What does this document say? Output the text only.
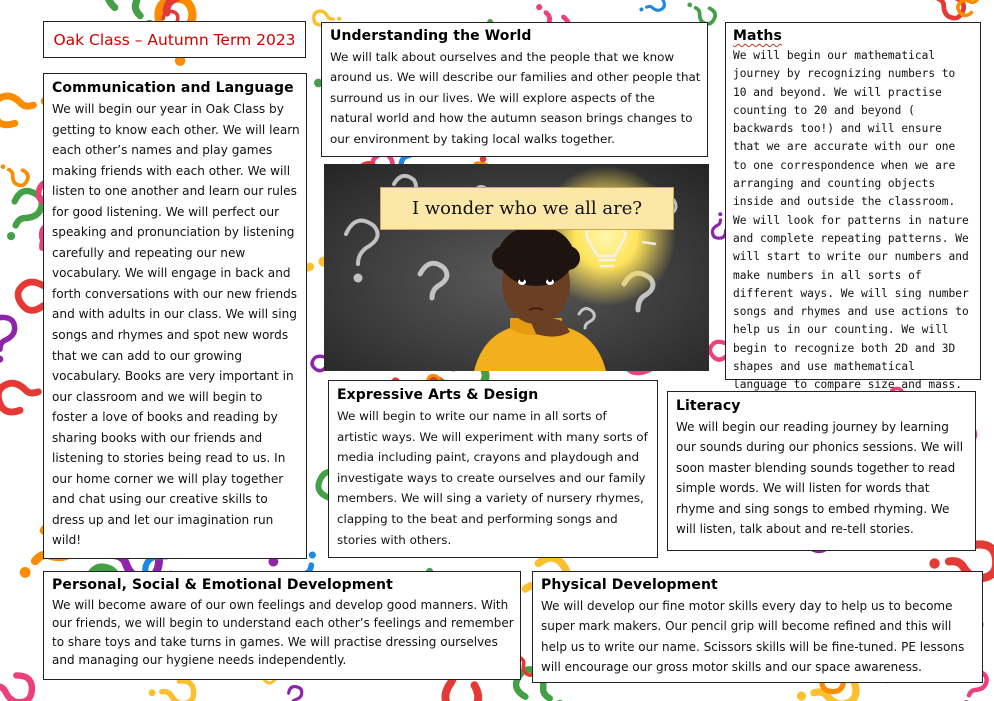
Oak Class – Autumn Term 2023
Communication and Language

We will begin our year in Oak Class by getting to know each other. We will learn each other’s names and play games making friends with each other. We will listen to one another and learn our rules for good listening. We will perfect our speaking and pronunciation by listening carefully and repeating our new vocabulary. We will engage in back and forth conversations with our new friends and with adults in our class. We will sing songs and rhymes and spot new words that we can add to our growing vocabulary. Books are very important in our classroom and we will begin to foster a love of books and reading by sharing books with our friends and listening to stories being read to us. In our home corner we will play together and chat using our creative skills to dress up and let our imagination run wild!

Understanding the World

We will talk about ourselves and the people that we know around us. We will describe our families and other people that surround us in our lives. We will explore aspects of the natural world and how the autumn season brings changes to our environment by taking local walks together.

Maths

We will begin our mathematical journey by recognizing numbers to 10 and beyond. We will practise counting to 20 and beyond ( backwards too!) and will ensure that we are accurate with our one to one correspondence when we are arranging and counting objects inside and outside the classroom. We will look for patterns in nature and complete repeating patterns. We will start to write our numbers and make numbers in all sorts of different ways. We will sing number songs and rhymes and use actions to help us in our counting. We will begin to recognize both 2D and 3D shapes and use mathematical language to compare size and mass.

I wonder who we all are?
Expressive Arts & Design

We will begin to write our name in all sorts of artistic ways. We will experiment with many sorts of media including paint, crayons and playdough and investigate ways to create ourselves and our family members. We will sing a variety of nursery rhymes, clapping to the beat and performing songs and stories with others.

Literacy

We will begin our reading journey by learning our sounds during our phonics sessions. We will soon master blending sounds together to read simple words. We will listen for words that rhyme and sing songs to embed rhyming. We will listen, talk about and re-tell stories.

Personal, Social & Emotional Development

We will become aware of our own feelings and develop good manners. With our friends, we will begin to understand each other’s feelings and remember to share toys and take turns in games. We will practise dressing ourselves and managing our hygiene needs independently.

Physical Development

We will develop our fine motor skills every day to help us to become super mark makers. Our pencil grip will become refined and this will help us to write our name. Scissors skills will be fine-tuned. PE lessons will encourage our gross motor skills and our space awareness.
